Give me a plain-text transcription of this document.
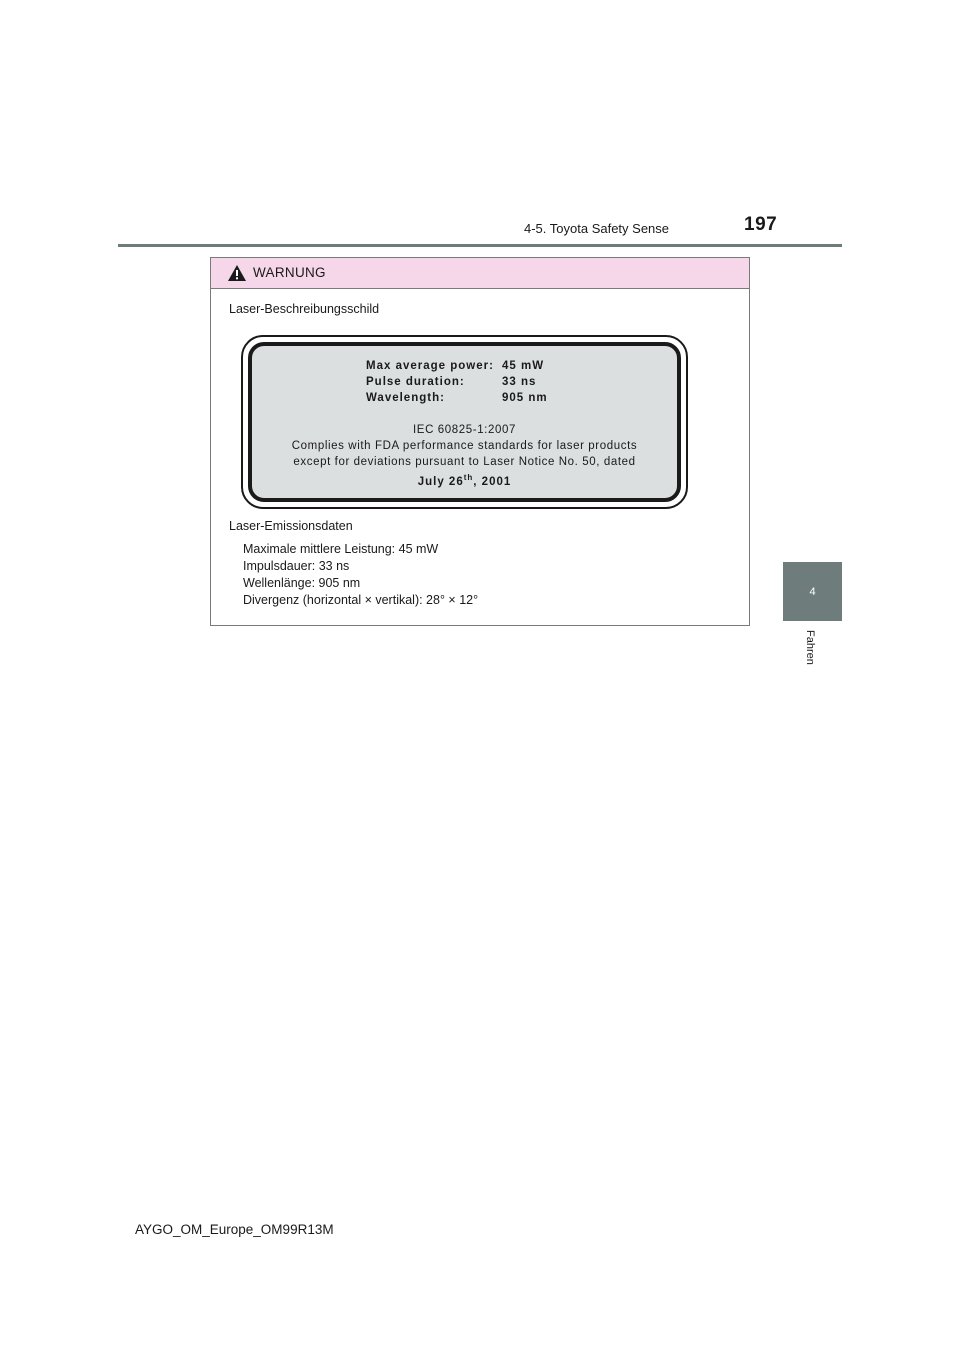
197
4-5. Toyota Safety Sense
4
Fahren
WARNUNG
Laser-Beschreibungsschild
Max average power: 45 mW
Pulse duration:	33 ns
Wavelength:	905 nm
IEC 60825-1:2007
Complies with FDA performance standards for laser products
except for deviations pursuant to Laser Notice No. 50, dated
July 26th, 2001
Laser-Emissionsdaten
Maximale mittlere Leistung: 45 mW
Impulsdauer: 33 ns
Wellenlänge: 905 nm
Divergenz (horizontal × vertikal): 28° × 12°
AYGO_OM_Europe_OM99R13M
